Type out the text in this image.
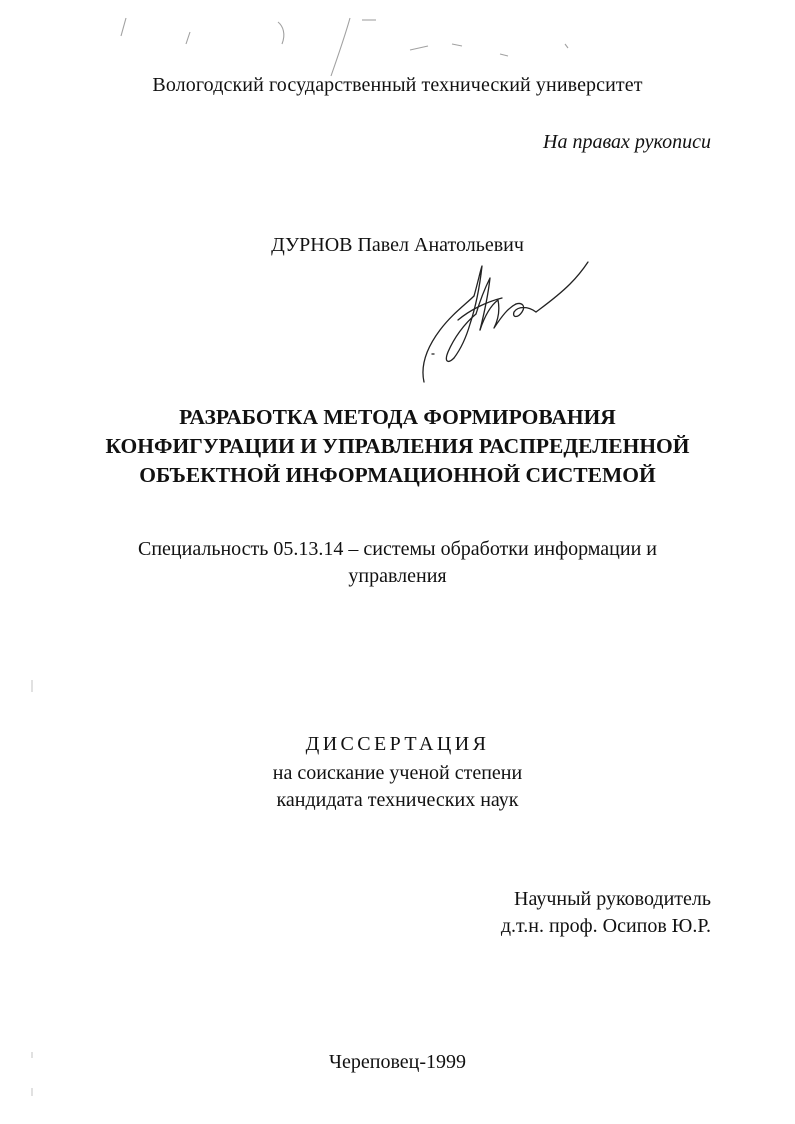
Вологодский государственный технический университет
На правах рукописи
ДУРНОВ Павел Анатольевич
РАЗРАБОТКА МЕТОДА ФОРМИРОВАНИЯ
КОНФИГУРАЦИИ И УПРАВЛЕНИЯ РАСПРЕДЕЛЕННОЙ
ОБЪЕКТНОЙ ИНФОРМАЦИОННОЙ СИСТЕМОЙ
Специальность 05.13.14 – системы обработки информации и
управления
ДИССЕРТАЦИЯ
на соискание ученой степени
кандидата технических наук
Научный руководитель
д.т.н. проф. Осипов Ю.Р.
Череповец-1999
